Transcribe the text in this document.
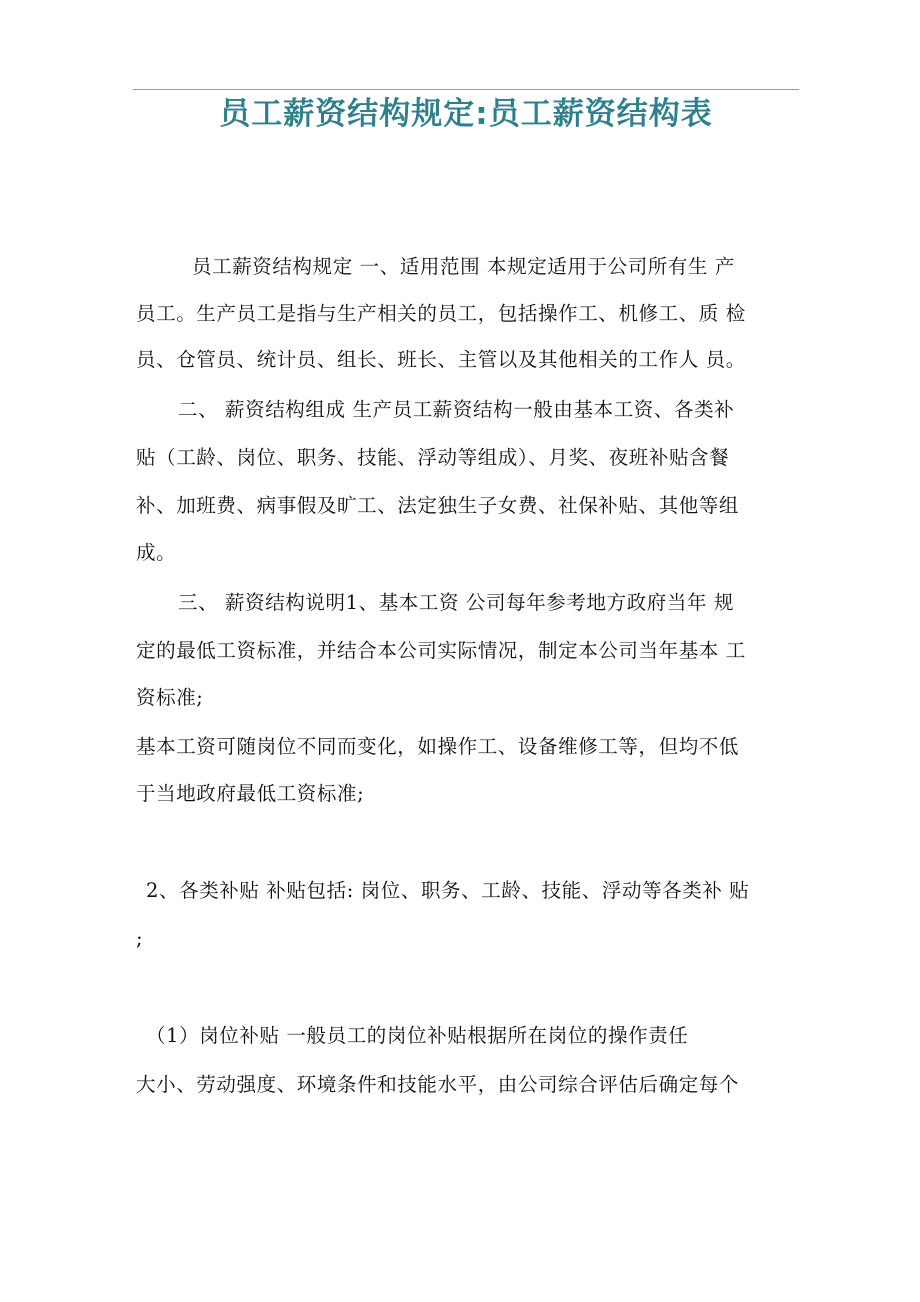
员工薪资结构规定:员工薪资结构表
员工薪资结构规定 一、适用范围 本规定适用于公司所有生 产
员工。生产员工是指与生产相关的员工，包括操作工、机修工、质 检
员、仓管员、统计员、组长、班长、主管以及其他相关的工作人 员。
二、 薪资结构组成 生产员工薪资结构一般由基本工资、各类补
贴（工龄、岗位、职务、技能、浮动等组成）、月奖、夜班补贴含餐
补、加班费、病事假及旷工、法定独生子女费、社保补贴、其他等组
成。
三、 薪资结构说明1、基本工资 公司每年参考地方政府当年 规
定的最低工资标准，并结合本公司实际情况，制定本公司当年基本 工
资标准;
基本工资可随岗位不同而变化，如操作工、设备维修工等，但均不低
于当地政府最低工资标准;
2、各类补贴 补贴包括: 岗位、职务、工龄、技能、浮动等各类补 贴
;
（1）岗位补贴 一般员工的岗位补贴根据所在岗位的操作责任
大小、劳动强度、环境条件和技能水平，由公司综合评估后确定每个
